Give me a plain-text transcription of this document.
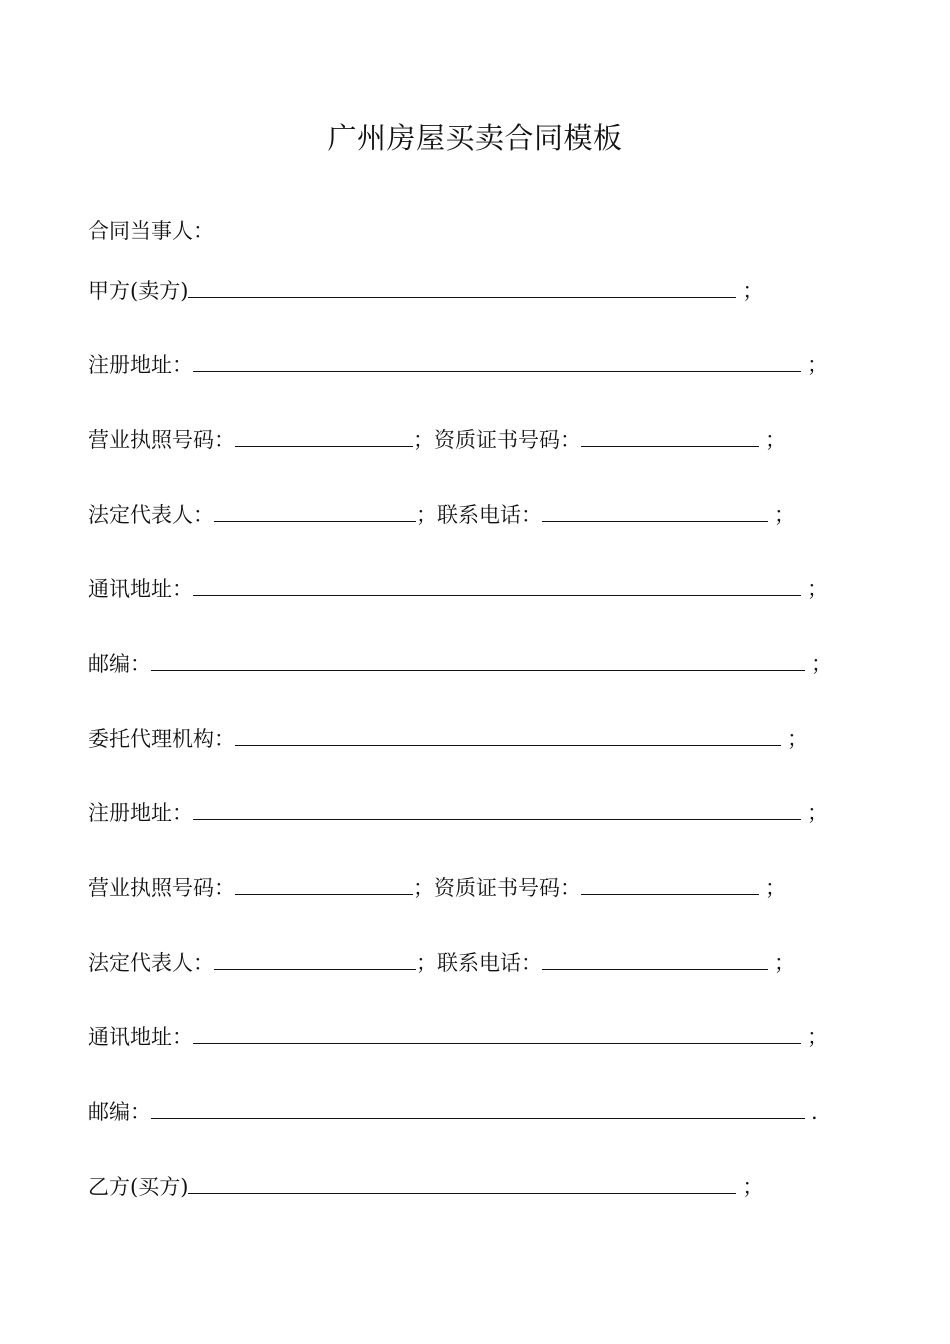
广州房屋买卖合同模板
合同当事人：
甲方(卖方)	；
注册地址：	；
营业执照号码：	；资质证书号码：	；
法定代表人：	；联系电话：	；
通讯地址：	；
邮编：	；
委托代理机构：	；
注册地址：	；
营业执照号码：	；资质证书号码：	；
法定代表人：	；联系电话：	；
通讯地址：	；
邮编：	.
乙方(买方)	；
